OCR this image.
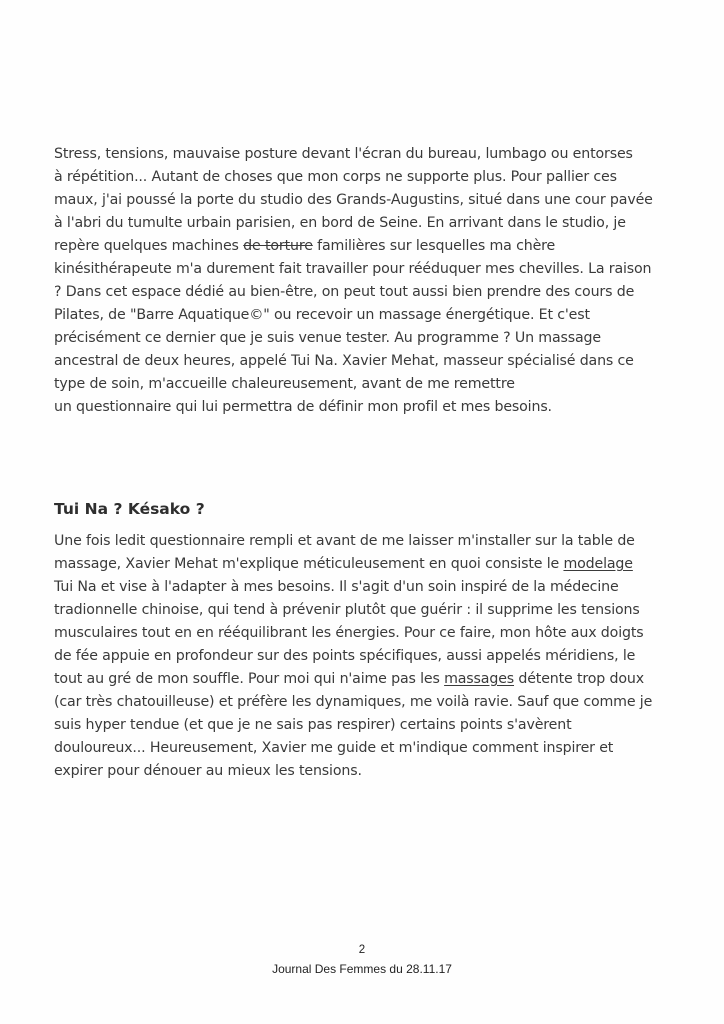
Stress, tensions, mauvaise posture devant l'écran du bureau, lumbago ou entorses
à répétition... Autant de choses que mon corps ne supporte plus. Pour pallier ces
maux, j'ai poussé la porte du studio des Grands-Augustins, situé dans une cour pavée
à l'abri du tumulte urbain parisien, en bord de Seine. En arrivant dans le studio, je
repère quelques machines de torture familières sur lesquelles ma chère
kinésithérapeute m'a durement fait travailler pour rééduquer mes chevilles. La raison
? Dans cet espace dédié au bien-être, on peut tout aussi bien prendre des cours de
Pilates, de "Barre Aquatique©" ou recevoir un massage énergétique. Et c'est
précisément ce dernier que je suis venue tester. Au programme ? Un massage
ancestral de deux heures, appelé Tui Na. Xavier Mehat, masseur spécialisé dans ce
type de soin, m'accueille chaleureusement, avant de me remettre
un questionnaire qui lui permettra de définir mon profil et mes besoins.
Tui Na ? Késako ?
Une fois ledit questionnaire rempli et avant de me laisser m'installer sur la table de
massage, Xavier Mehat m'explique méticuleusement en quoi consiste le modelage
Tui Na et vise à l'adapter à mes besoins. Il s'agit d'un soin inspiré de la médecine
tradionnelle chinoise, qui tend à prévenir plutôt que guérir : il supprime les tensions
musculaires tout en en rééquilibrant les énergies. Pour ce faire, mon hôte aux doigts
de fée appuie en profondeur sur des points spécifiques, aussi appelés méridiens, le
tout au gré de mon souffle. Pour moi qui n'aime pas les massages détente trop doux
(car très chatouilleuse) et préfère les dynamiques, me voilà ravie. Sauf que comme je
suis hyper tendue (et que je ne sais pas respirer) certains points s'avèrent
douloureux... Heureusement, Xavier me guide et m'indique comment inspirer et
expirer pour dénouer au mieux les tensions.
2
Journal Des Femmes du 28.11.17
